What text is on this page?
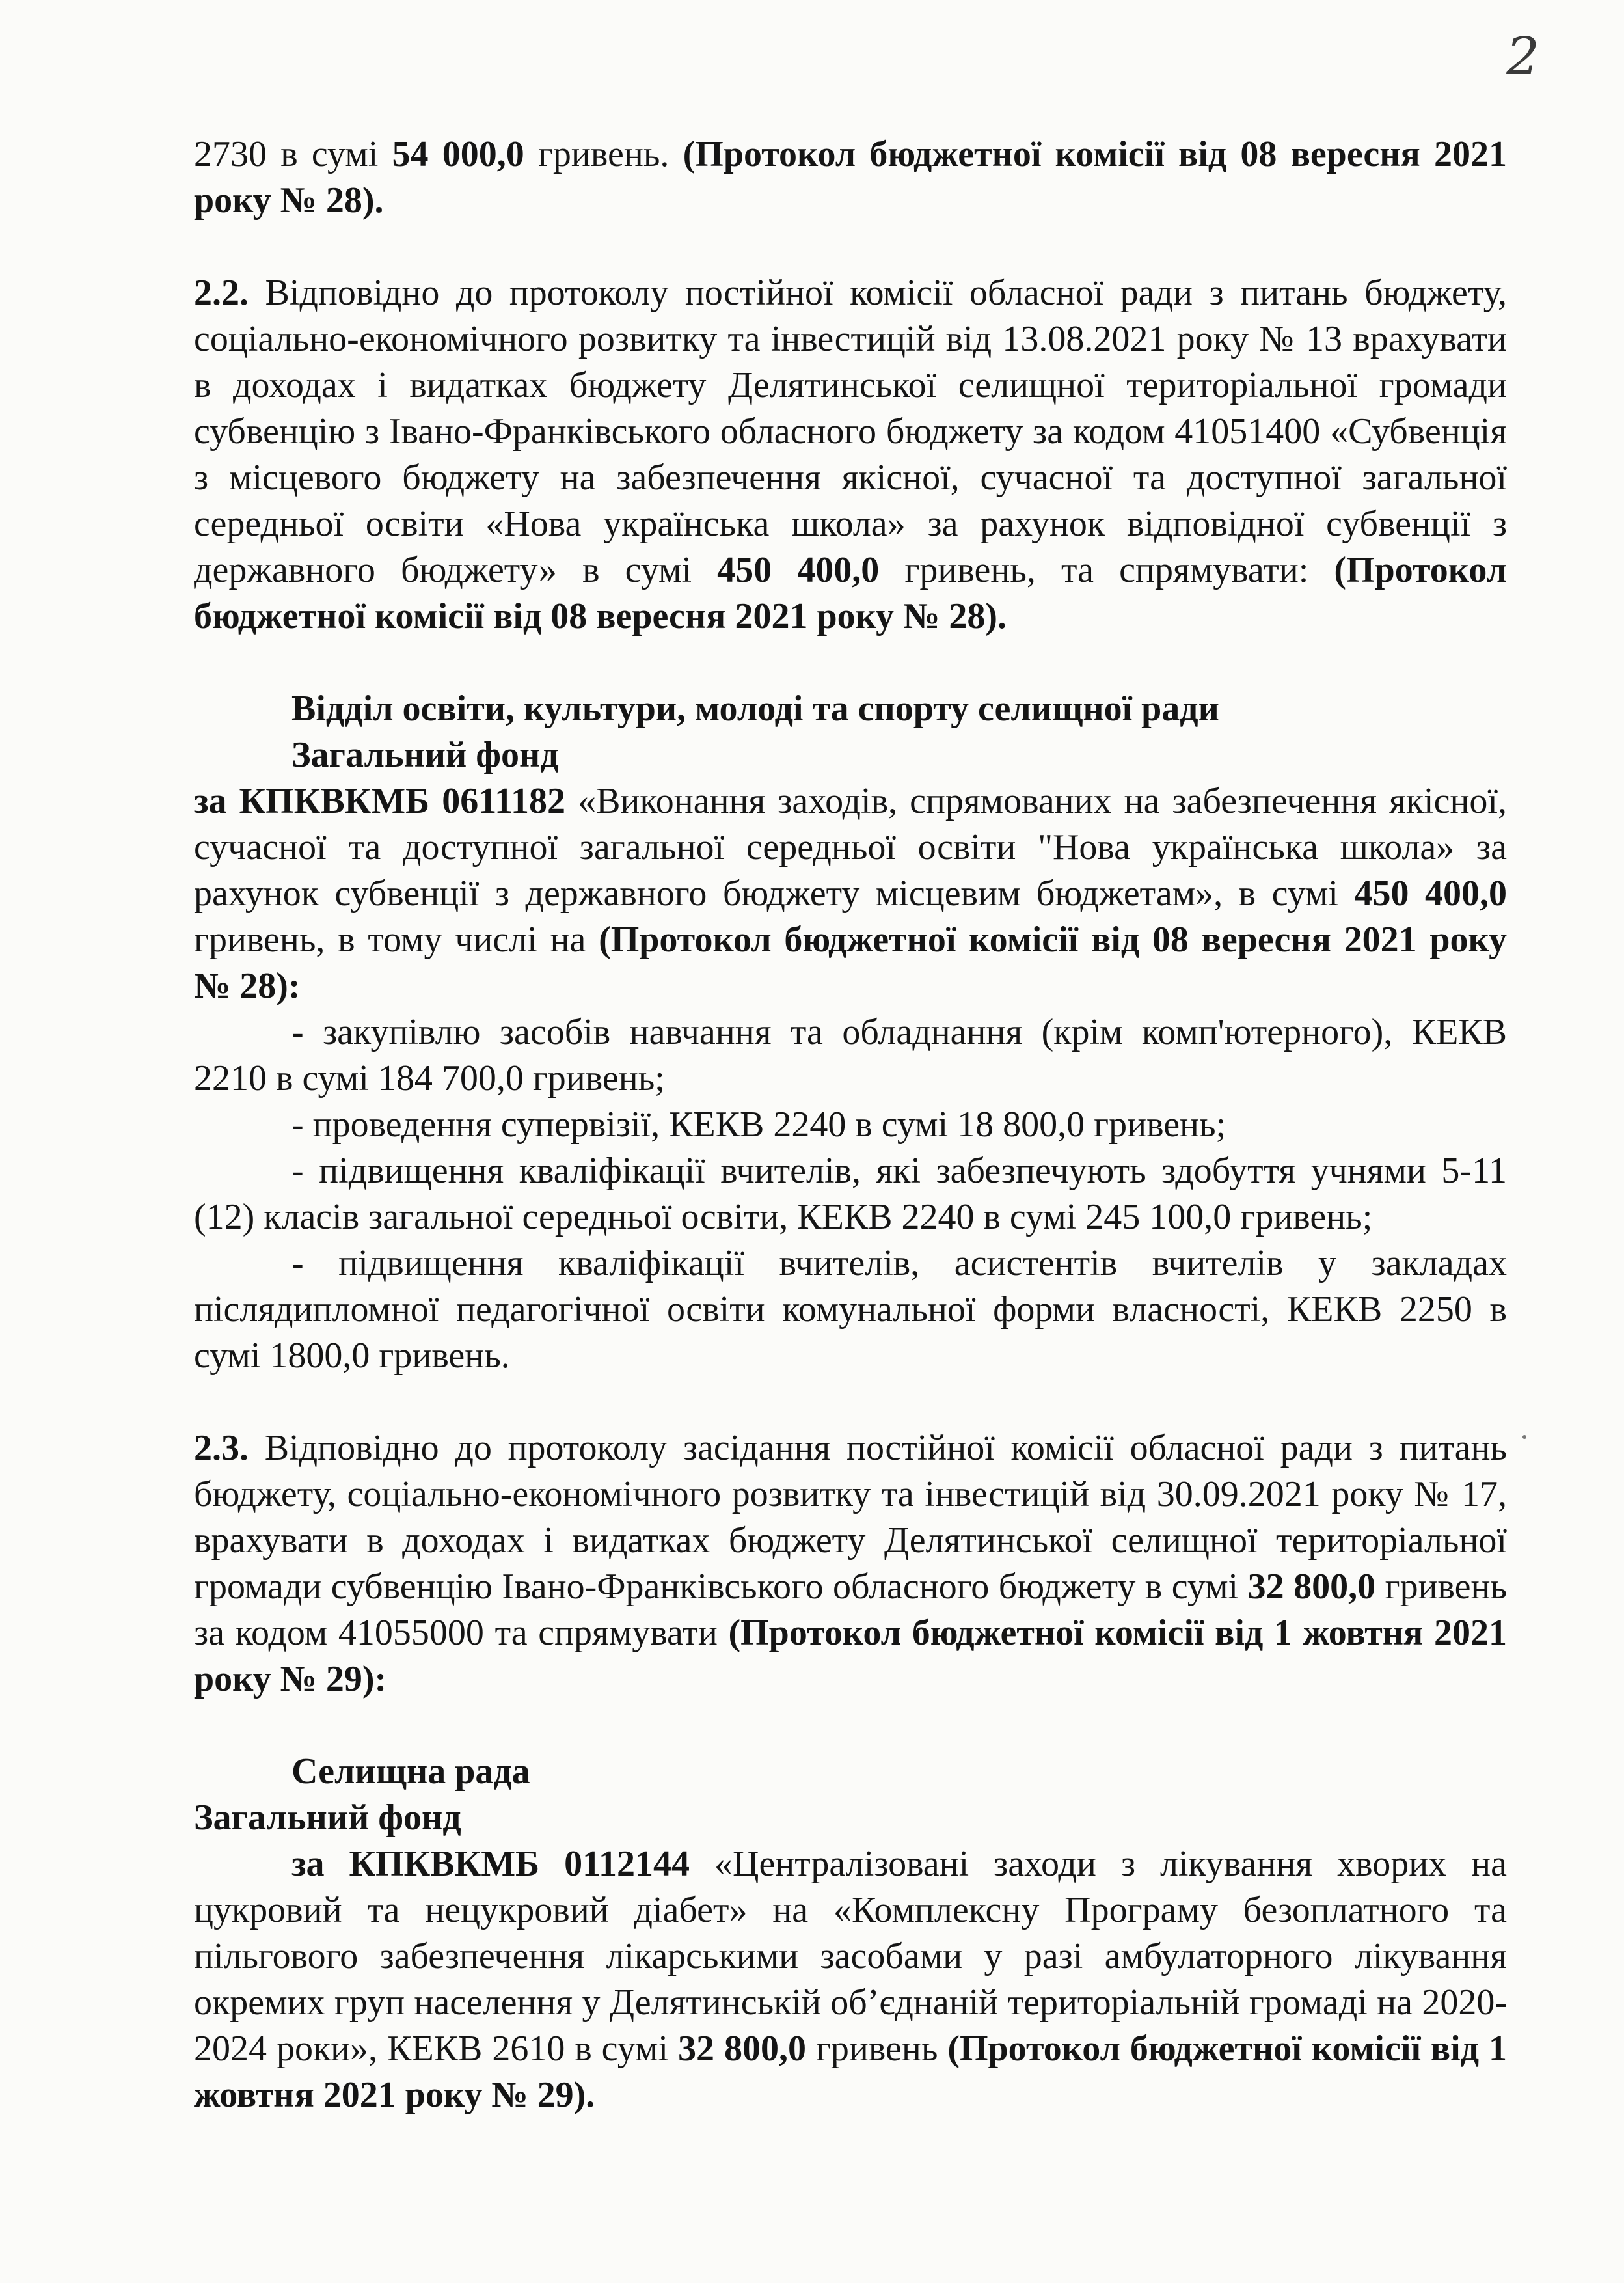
2

2730 в сумі 54 000,0 гривень. (Протокол бюджетної комісії від 08 вересня 2021 року № 28).

2.2. Відповідно до протоколу постійної комісії обласної ради з питань бюджету, соціально-економічного розвитку та інвестицій від 13.08.2021 року № 13 врахувати в доходах і видатках бюджету Делятинської селищної територіальної громади субвенцію з Івано-Франківського обласного бюджету за кодом 41051400 «Субвенція з місцевого бюджету на забезпечення якісної, сучасної та доступної загальної середньої освіти «Нова українська школа» за рахунок відповідної субвенції з державного бюджету» в сумі 450 400,0 гривень, та спрямувати: (Протокол бюджетної комісії від 08 вересня 2021 року № 28).

Відділ освіти, культури, молоді та спорту селищної ради

Загальний фонд

за КПКВКМБ 0611182 «Виконання заходів, спрямованих на забезпечення якісної, сучасної та доступної загальної середньої освіти "Нова українська школа» за рахунок субвенції з державного бюджету місцевим бюджетам», в сумі 450 400,0 гривень, в тому числі на (Протокол бюджетної комісії від 08 вересня 2021 року № 28):

- закупівлю засобів навчання та обладнання (крім комп'ютерного), КЕКВ 2210 в сумі 184 700,0 гривень;

- проведення супервізії, КЕКВ 2240 в сумі 18 800,0 гривень;

- підвищення кваліфікації вчителів, які забезпечують здобуття учнями 5-11 (12) класів загальної середньої освіти, КЕКВ 2240 в сумі 245 100,0 гривень;

- підвищення кваліфікації вчителів, асистентів вчителів у закладах післядипломної педагогічної освіти комунальної форми власності, КЕКВ 2250 в сумі 1800,0 гривень.

2.3. Відповідно до протоколу засідання постійної комісії обласної ради з питань бюджету, соціально-економічного розвитку та інвестицій від 30.09.2021 року № 17, врахувати в доходах і видатках бюджету Делятинської селищної територіальної громади субвенцію Івано-Франківського обласного бюджету в сумі 32 800,0 гривень за кодом 41055000 та спрямувати (Протокол бюджетної комісії від 1 жовтня 2021 року № 29):

Селищна рада

Загальний фонд

за КПКВКМБ 0112144 «Централізовані заходи з лікування хворих на цукровий та нецукровий діабет» на «Комплексну Програму безоплатного та пільгового забезпечення лікарськими засобами у разі амбулаторного лікування окремих груп населення у Делятинській об’єднаній територіальній громаді на 2020-2024 роки», КЕКВ 2610 в сумі 32 800,0 гривень (Протокол бюджетної комісії від 1 жовтня 2021 року № 29).
